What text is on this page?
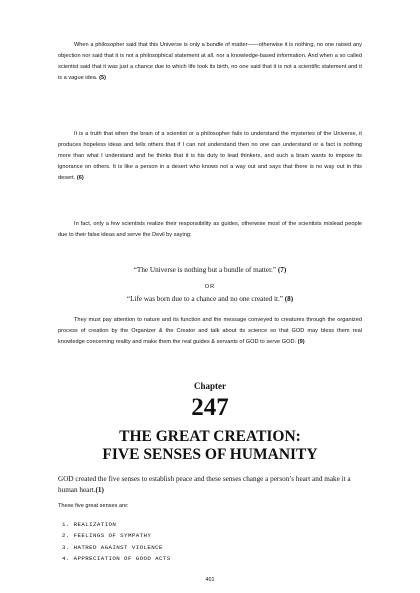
When a philosopher said that this Universe is only a bundle of matter——otherwise it is nothing, no one raised any objection nor said that it is not a philosophical statement at all. nor a knowledge-based information. And when a so called scientist said that it was just a chance due to which life took its birth, no one said that it is not a scientific statement and it is a vague idea. (5)

It is a truth that when the brain of a scientist or a philosopher fails to understand the mysteries of the Universe, it produces hopeless ideas and tells others that if I can not understand then no one can understand or a fact is nothing more than what I understand and he thinks that it is his duty to lead thinkers, and such a brain wants to impose its ignorance on others. It is like a person in a desert who knows not a way out and says that there is no way out in this desert. (6)

In fact, only a few scientists realize their responsibility as guides, otherwise most of the scientists mislead people due to their false ideas and serve the Devil by saying:

“The Universe is nothing but a bundle of matter.” (7)

OR

“Life was born due to a chance and no one created it.” (8)

They must pay attention to nature and its function and the message conveyed to creatures through the organized process of creation by the Organizer & the Creator and talk about its science so that GOD may bless them real knowledge concerning reality and make them the real guides & servants of GOD to serve GOD. (9)

Chapter

247

THE GREAT CREATION:

FIVE SENSES OF HUMANITY

GOD created the five senses to establish peace and these senses change a person’s heart and make it a human heart.(1)

These five great senses are:

1. REALIZATION
2. FEELINGS OF SYMPATHY
3. HATRED AGAINST VIOLENCE
4. APPRECIATION OF GOOD ACTS

401
